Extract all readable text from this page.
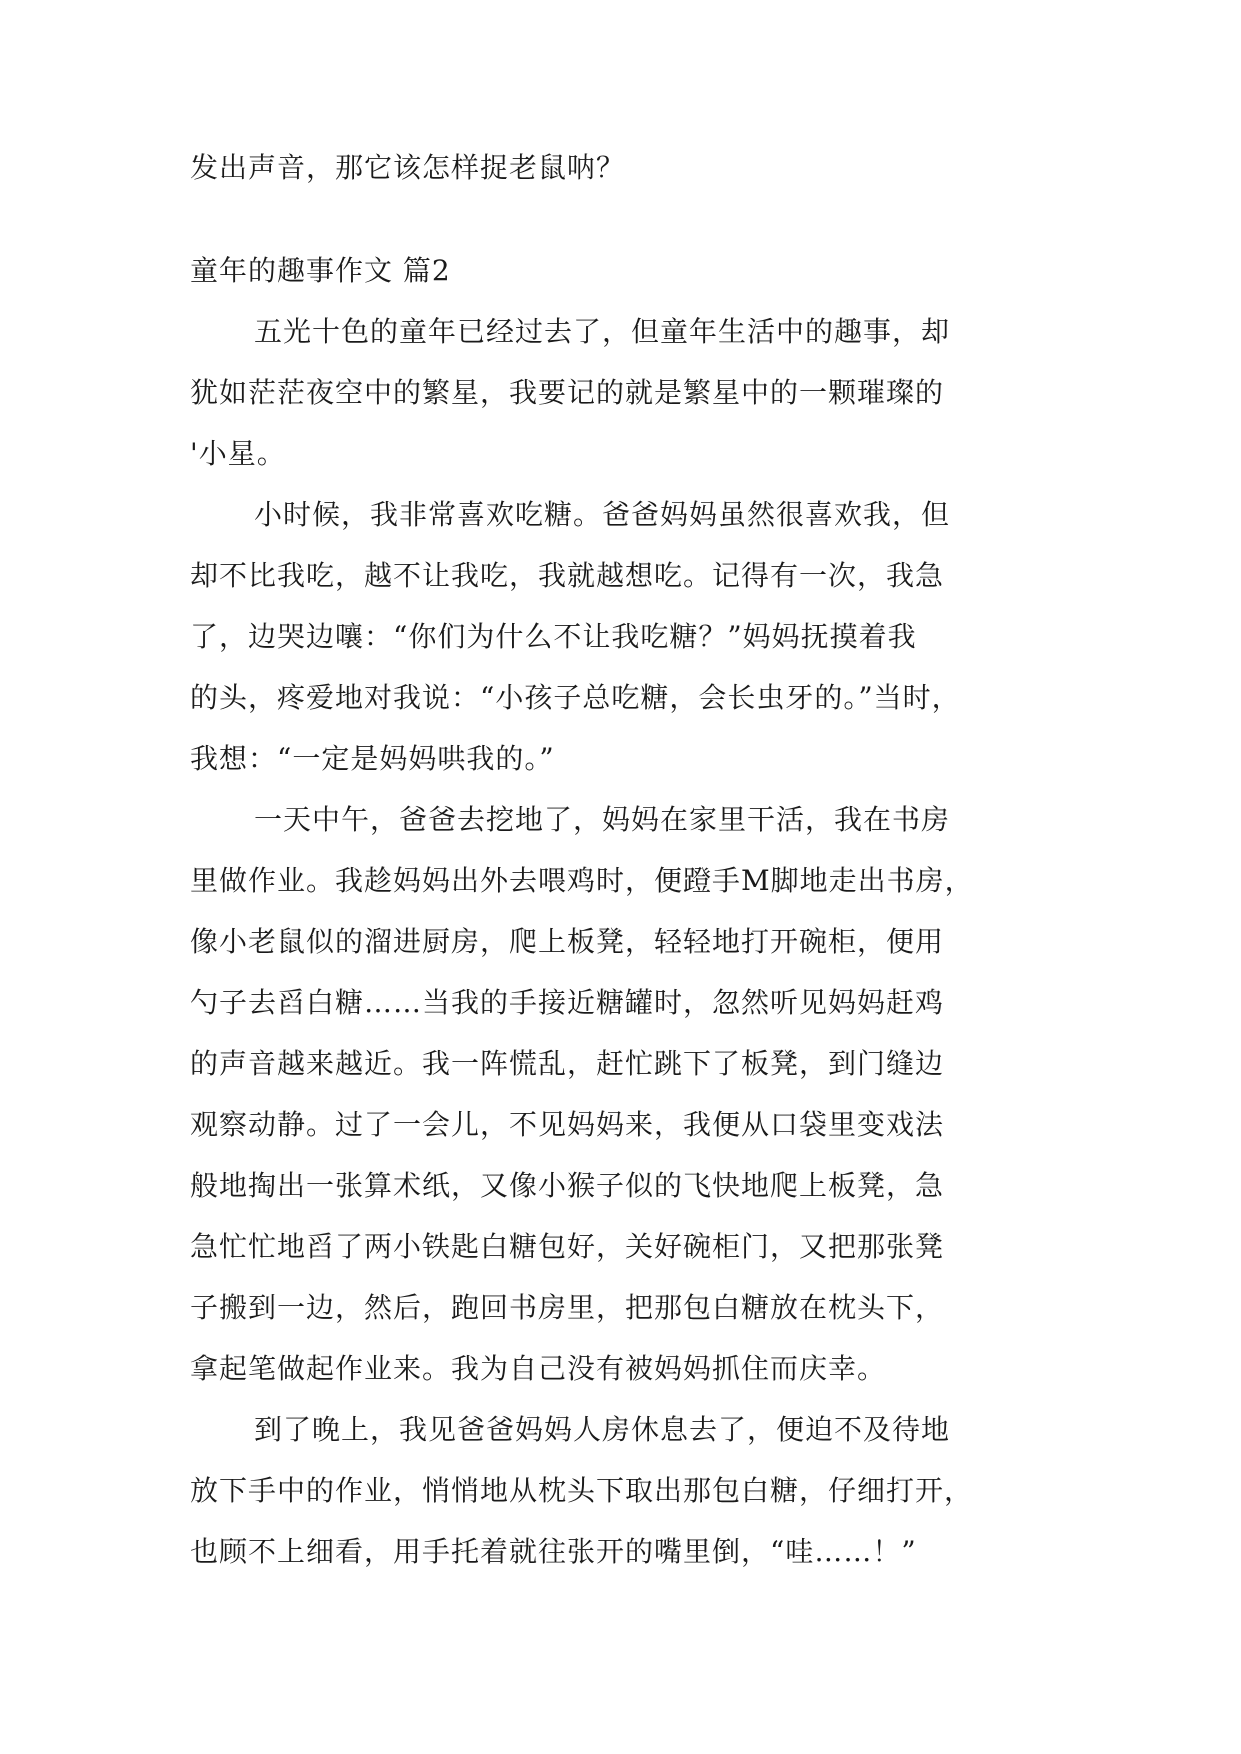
发出声音，那它该怎样捉老鼠呐？
童年的趣事作文 篇2
五光十色的童年已经过去了，但童年生活中的趣事，却
犹如茫茫夜空中的繁星，我要记的就是繁星中的一颗璀璨的
'小星。
小时候，我非常喜欢吃糖。爸爸妈妈虽然很喜欢我，但
却不比我吃，越不让我吃，我就越想吃。记得有一次，我急
了，边哭边嚷：“你们为什么不让我吃糖？”妈妈抚摸着我
的头，疼爱地对我说：“小孩子总吃糖，会长虫牙的。”当时，
我想：“一定是妈妈哄我的。”
一天中午，爸爸去挖地了，妈妈在家里干活，我在书房
里做作业。我趁妈妈出外去喂鸡时，便蹬手M脚地走出书房，
像小老鼠似的溜进厨房，爬上板凳，轻轻地打开碗柜，便用
勺子去舀白糖……当我的手接近糖罐时，忽然听见妈妈赶鸡
的声音越来越近。我一阵慌乱，赶忙跳下了板凳，到门缝边
观察动静。过了一会儿，不见妈妈来，我便从口袋里变戏法
般地掏出一张算术纸，又像小猴子似的飞快地爬上板凳，急
急忙忙地舀了两小铁匙白糖包好，关好碗柜门，又把那张凳
子搬到一边，然后，跑回书房里，把那包白糖放在枕头下，
拿起笔做起作业来。我为自己没有被妈妈抓住而庆幸。
到了晚上，我见爸爸妈妈人房休息去了，便迫不及待地
放下手中的作业，悄悄地从枕头下取出那包白糖，仔细打开，
也顾不上细看，用手托着就往张开的嘴里倒，“哇……！”
